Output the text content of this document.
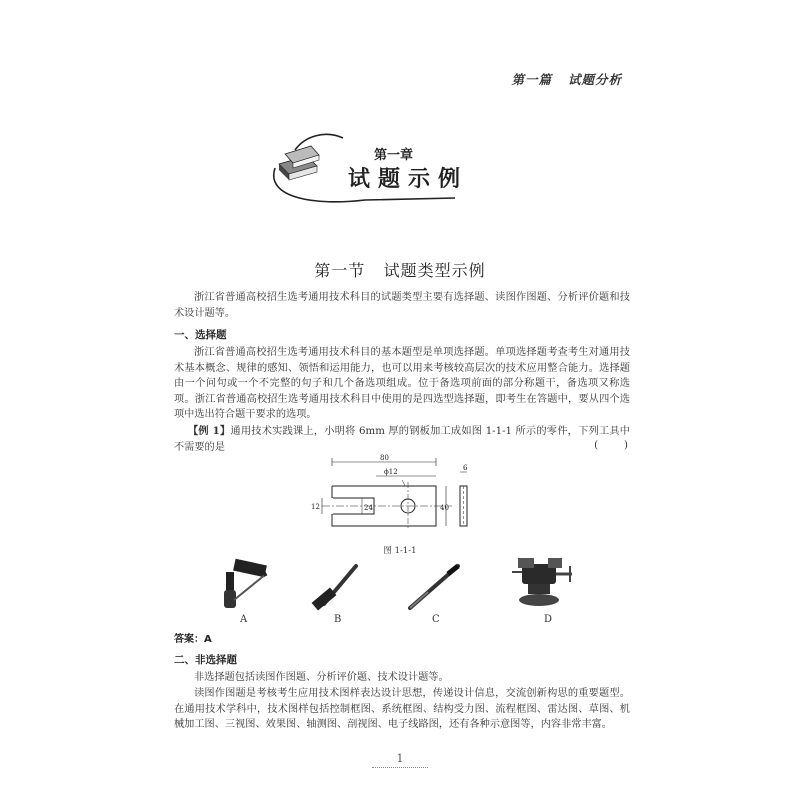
第一篇   试题分析
第一章
试题示例
第一节   试题类型示例
浙江省普通高校招生选考通用技术科目的试题类型主要有选择题、读图作图题、分析评价题和技术设计题等。
一、选择题
浙江省普通高校招生选考通用技术科目的基本题型是单项选择题。单项选择题考查考生对通用技术基本概念、规律的感知、领悟和运用能力，也可以用来考核较高层次的技术应用整合能力。选择题由一个问句或一个不完整的句子和几个备选项组成。位于备选项前面的部分称题干，备选项又称选项。浙江省普通高校招生选考通用技术科目中使用的是四选型选择题，即考生在答题中，要从四个选项中选出符合题干要求的选项。
【例 1】通用技术实践课上，小明将 6mm 厚的钢板加工成如图 1-1-1 所示的零件，下列工具中不需要的是	(        )
80
ϕ12
12	24	40
6
图 1-1-1
A	B	C	D
答案：A
二、非选择题
非选择题包括读图作图题、分析评价题、技术设计题等。
读图作图题是考核考生应用技术图样表达设计思想，传递设计信息，交流创新构思的重要题型。在通用技术学科中，技术图样包括控制框图、系统框图、结构受力图、流程框图、雷达图、草图、机械加工图、三视图、效果图、轴测图、剖视图、电子线路图，还有各种示意图等，内容非常丰富。
1
